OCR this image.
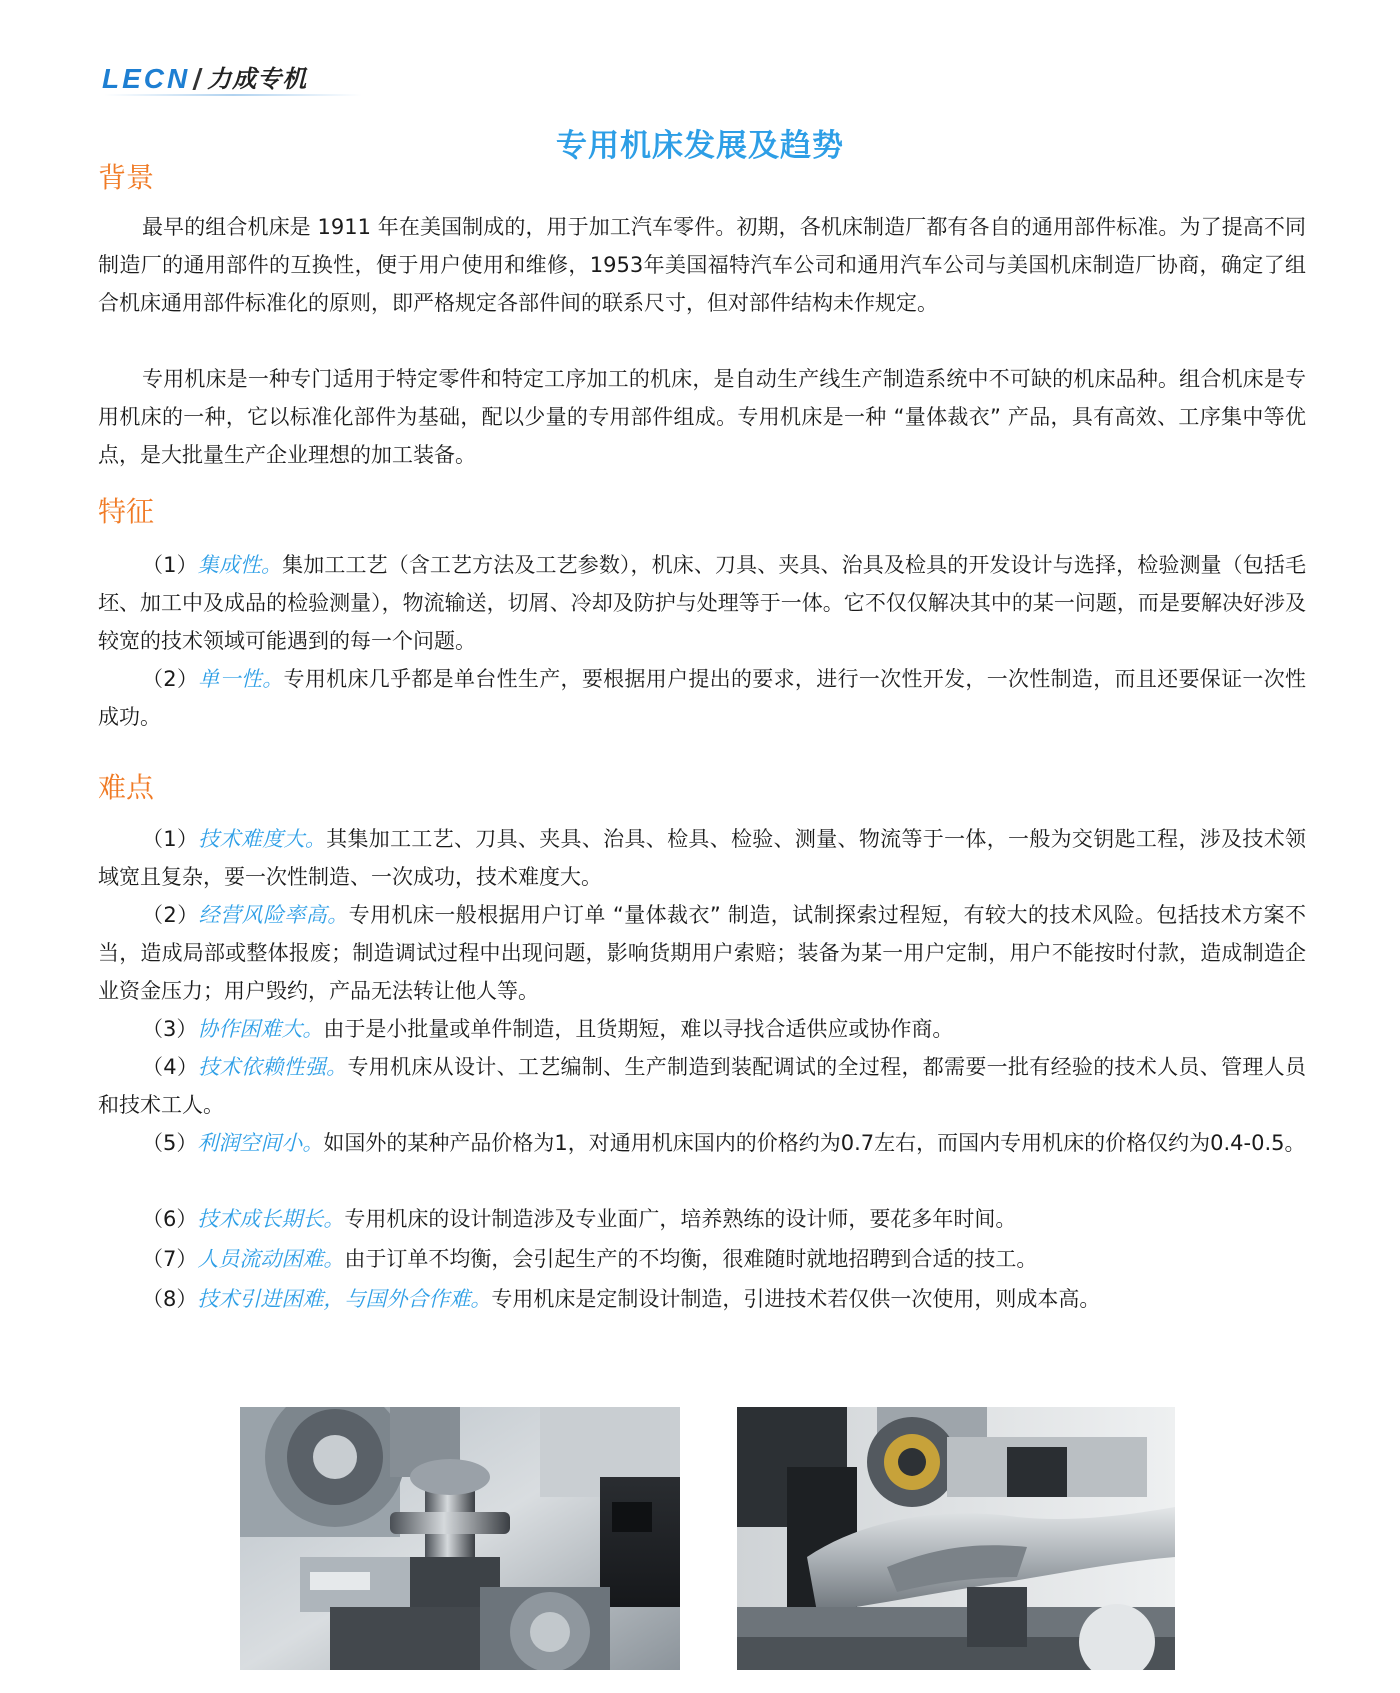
LECN 力成专机
专用机床发展及趋势
背景

最早的组合机床是 1911 年在美国制成的，用于加工汽车零件。初期，各机床制造厂都有各自的通用部件标准。为了提高不同制造厂的通用部件的互换性，便于用户使用和维修，1953年美国福特汽车公司和通用汽车公司与美国机床制造厂协商，确定了组合机床通用部件标准化的原则，即严格规定各部件间的联系尺寸，但对部件结构未作规定。

专用机床是一种专门适用于特定零件和特定工序加工的机床，是自动生产线生产制造系统中不可缺的机床品种。组合机床是专用机床的一种，它以标准化部件为基础，配以少量的专用部件组成。专用机床是一种 “量体裁衣” 产品，具有高效、工序集中等优点，是大批量生产企业理想的加工装备。

特征

（1）集成性。集加工工艺（含工艺方法及工艺参数），机床、刀具、夹具、治具及检具的开发设计与选择，检验测量（包括毛坯、加工中及成品的检验测量），物流输送，切屑、冷却及防护与处理等于一体。它不仅仅解决其中的某一问题，而是要解决好涉及较宽的技术领域可能遇到的每一个问题。

（2）单一性。专用机床几乎都是单台性生产，要根据用户提出的要求，进行一次性开发，一次性制造，而且还要保证一次性成功。

难点

（1）技术难度大。其集加工工艺、刀具、夹具、治具、检具、检验、测量、物流等于一体，一般为交钥匙工程，涉及技术领域宽且复杂，要一次性制造、一次成功，技术难度大。

（2）经营风险率高。专用机床一般根据用户订单 “量体裁衣” 制造，试制探索过程短，有较大的技术风险。包括技术方案不当，造成局部或整体报废；制造调试过程中出现问题，影响货期用户索赔；装备为某一用户定制，用户不能按时付款，造成制造企业资金压力；用户毁约，产品无法转让他人等。

（3）协作困难大。由于是小批量或单件制造，且货期短，难以寻找合适供应或协作商。

（4）技术依赖性强。专用机床从设计、工艺编制、生产制造到装配调试的全过程，都需要一批有经验的技术人员、管理人员和技术工人。

（5）利润空间小。如国外的某种产品价格为1，对通用机床国内的价格约为0.7左右，而国内专用机床的价格仅约为0.4-0.5。

（6）技术成长期长。专用机床的设计制造涉及专业面广，培养熟练的设计师，要花多年时间。

（7）人员流动困难。由于订单不均衡，会引起生产的不均衡，很难随时就地招聘到合适的技工。

（8）技术引进困难，与国外合作难。专用机床是定制设计制造，引进技术若仅供一次使用，则成本高。
